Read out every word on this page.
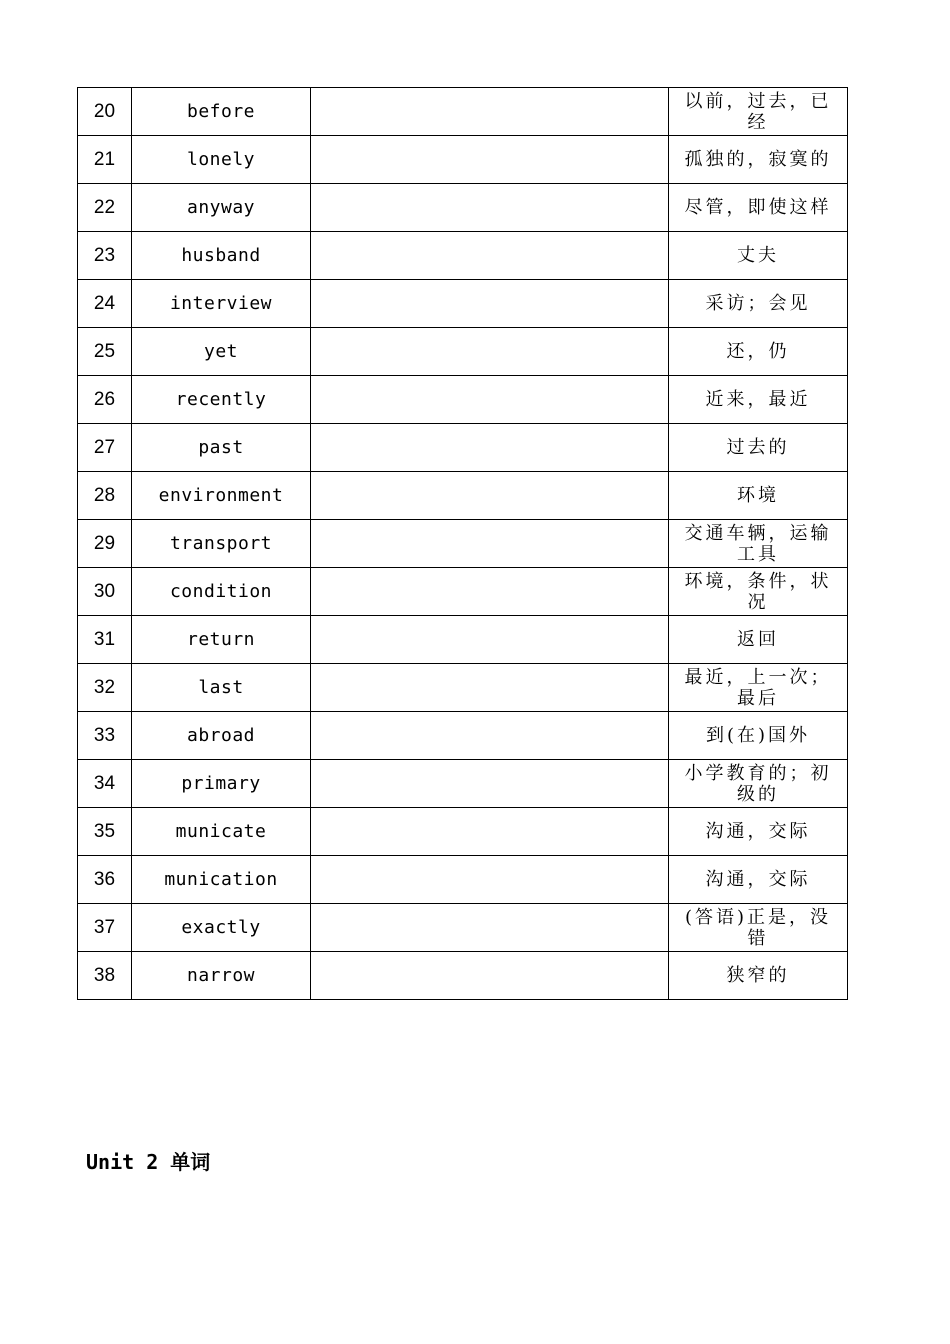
20	before		以前，过去，已经
21	lonely		孤独的，寂寞的
22	anyway		尽管，即使这样
23	husband		丈夫
24	interview		采访；会见
25	yet		还，仍
26	recently		近来，最近
27	past		过去的
28	environment		环境
29	transport		交通车辆，运输工具
30	condition		环境，条件，状况
31	return		返回
32	last		最近，上一次；最后
33	abroad		到(在)国外
34	primary		小学教育的；初级的
35	municate		沟通，交际
36	munication		沟通，交际
37	exactly		(答语)正是，没错
38	narrow		狭窄的
Unit 2 单词
